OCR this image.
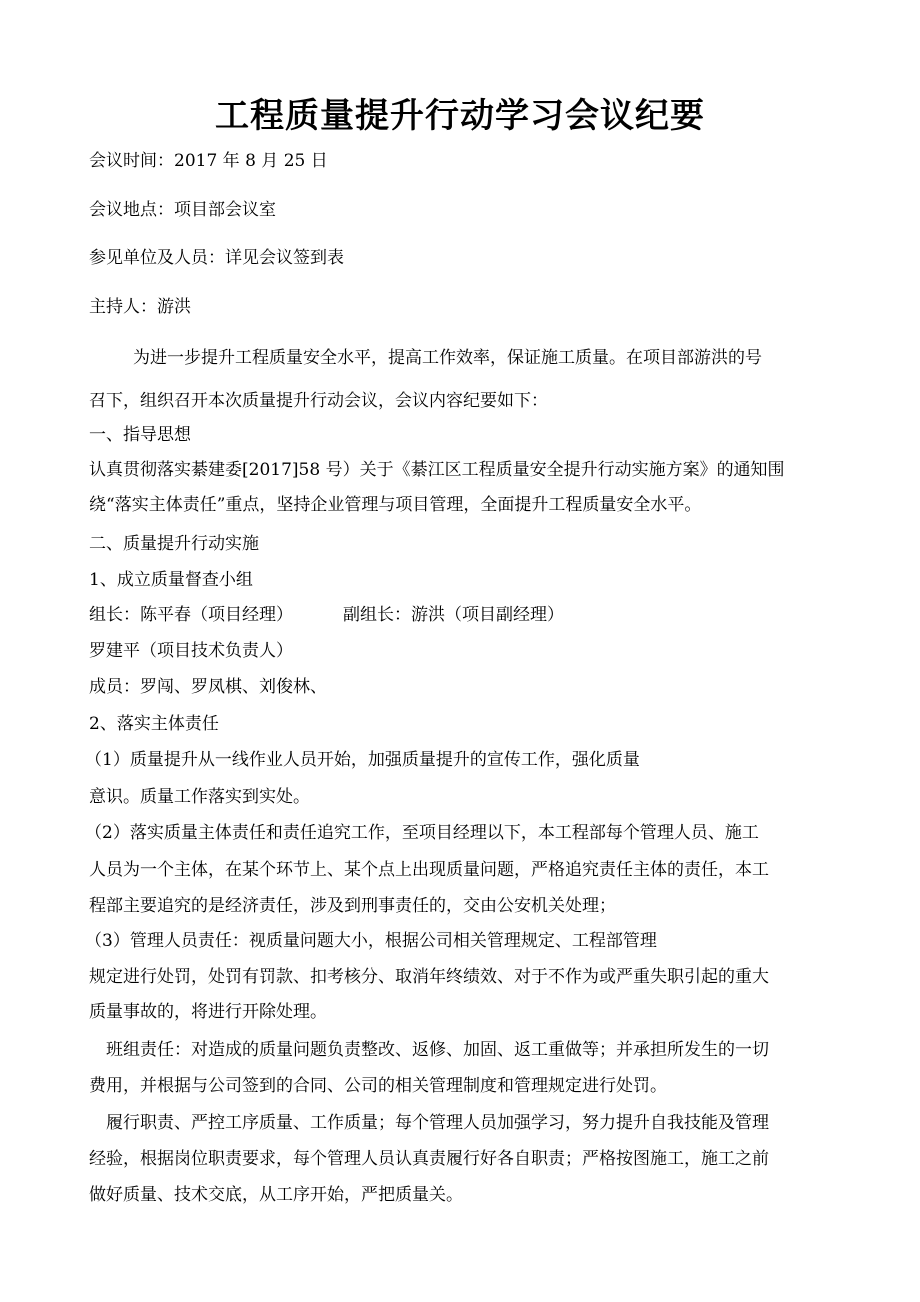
工程质量提升行动学习会议纪要
会议时间：2017 年 8 月 25 日
会议地点：项目部会议室
参见单位及人员：详见会议签到表
主持人：游洪
为进一步提升工程质量安全水平，提高工作效率，保证施工质量。在项目部游洪的号
召下，组织召开本次质量提升行动会议，会议内容纪要如下：
一、指导思想
认真贯彻落实綦建委[2017]58 号）关于《綦江区工程质量安全提升行动实施方案》的通知围
绕“落实主体责任”重点，坚持企业管理与项目管理，全面提升工程质量安全水平。
二、质量提升行动实施
1、成立质量督查小组
组长：陈平春（项目经理）	副组长：游洪（项目副经理）
罗建平（项目技术负责人）
成员：罗闯、罗凤棋、刘俊林、
2、落实主体责任
（1）质量提升从一线作业人员开始，加强质量提升的宣传工作，强化质量
意识。质量工作落实到实处。
（2）落实质量主体责任和责任追究工作，至项目经理以下，本工程部每个管理人员、施工
人员为一个主体，在某个环节上、某个点上出现质量问题，严格追究责任主体的责任，本工
程部主要追究的是经济责任，涉及到刑事责任的，交由公安机关处理；
（3）管理人员责任：视质量问题大小，根据公司相关管理规定、工程部管理
规定进行处罚，处罚有罚款、扣考核分、取消年终绩效、对于不作为或严重失职引起的重大
质量事故的，将进行开除处理。
班组责任：对造成的质量问题负责整改、返修、加固、返工重做等；并承担所发生的一切
费用，并根据与公司签到的合同、公司的相关管理制度和管理规定进行处罚。
履行职责、严控工序质量、工作质量；每个管理人员加强学习，努力提升自我技能及管理
经验，根据岗位职责要求，每个管理人员认真责履行好各自职责；严格按图施工，施工之前
做好质量、技术交底，从工序开始，严把质量关。
